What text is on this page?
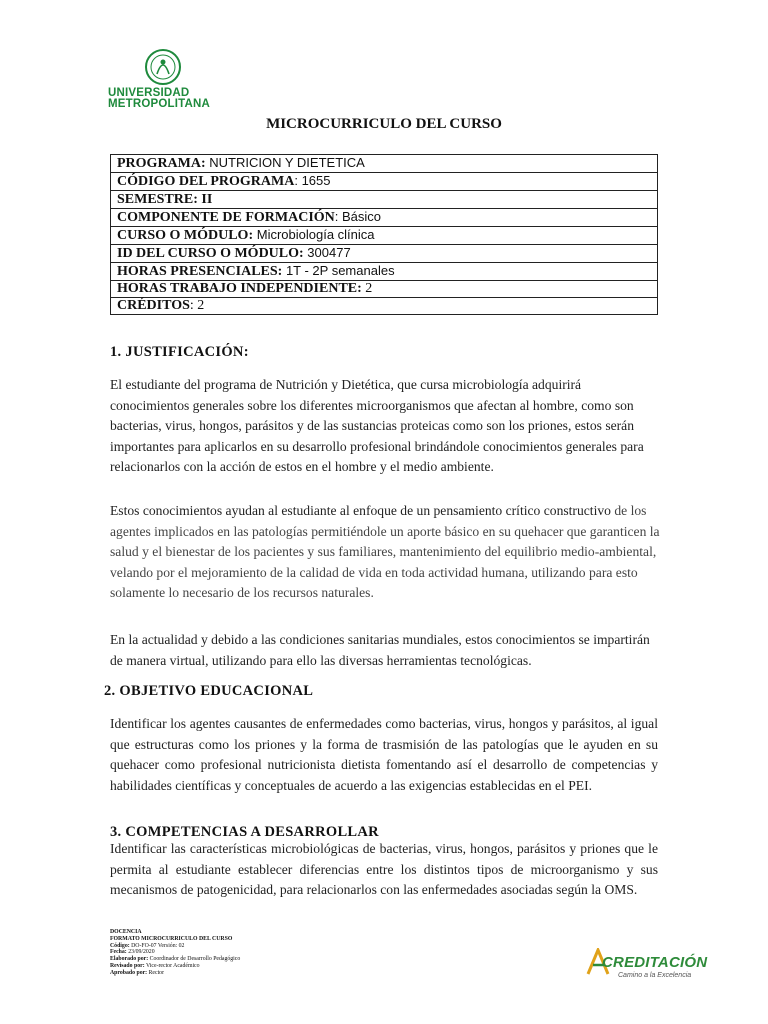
UNIVERSIDAD
METROPOLITANA
MICROCURRICULO DEL CURSO
PROGRAMA: NUTRICION Y DIETETICA
CÓDIGO DEL PROGRAMA: 1655
SEMESTRE: II
COMPONENTE DE FORMACIÓN: Básico
CURSO O MÓDULO: Microbiología clínica
ID DEL CURSO O MÓDULO: 300477
HORAS PRESENCIALES: 1T - 2P semanales
HORAS TRABAJO INDEPENDIENTE: 2
CRÉDITOS: 2
1. JUSTIFICACIÓN:

El estudiante del programa de Nutrición y Dietética, que cursa microbiología adquirirá conocimientos generales sobre los diferentes microorganismos que afectan al hombre, como son bacterias, virus, hongos, parásitos y de las sustancias proteicas como son los priones, estos serán importantes para aplicarlos en su desarrollo profesional brindándole conocimientos generales para relacionarlos con la acción de estos en el hombre y el medio ambiente.

Estos conocimientos ayudan al estudiante al enfoque de un pensamiento crítico constructivo de los agentes implicados en las patologías permitiéndole un aporte básico en su quehacer que garanticen la salud y el bienestar de los pacientes y sus familiares, mantenimiento del equilibrio medio-ambiental, velando por el mejoramiento de la calidad de vida en toda actividad humana, utilizando para esto solamente lo necesario de los recursos naturales.

En la actualidad y debido a las condiciones sanitarias mundiales, estos conocimientos se impartirán de manera virtual, utilizando para ello las diversas herramientas tecnológicas.

2. OBJETIVO EDUCACIONAL

Identificar los agentes causantes de enfermedades como bacterias, virus, hongos y parásitos, al igual que estructuras como los priones y la forma de trasmisión de las patologías que le ayuden en su quehacer como profesional nutricionista dietista fomentando así el desarrollo de competencias y habilidades científicas y conceptuales de acuerdo a las exigencias establecidas en el PEI.

3. COMPETENCIAS A DESARROLLAR

Identificar las características microbiológicas de bacterias, virus, hongos, parásitos y priones que le permita al estudiante establecer diferencias entre los distintos tipos de microorganismo y sus mecanismos de patogenicidad, para relacionarlos con las enfermedades asociadas según la OMS.

DOCENCIA
FORMATO MICROCURRICULO DEL CURSO
Código: DO-FO-07 Versión: 02
Fecha: 23/09/2020
Elaborado por: Coordinador de Desarrollo Pedagógico
Revisado por: Vice-rector Académico
Aprobado por: Rector
CREDITACIÓN
Camino a la Excelencia
